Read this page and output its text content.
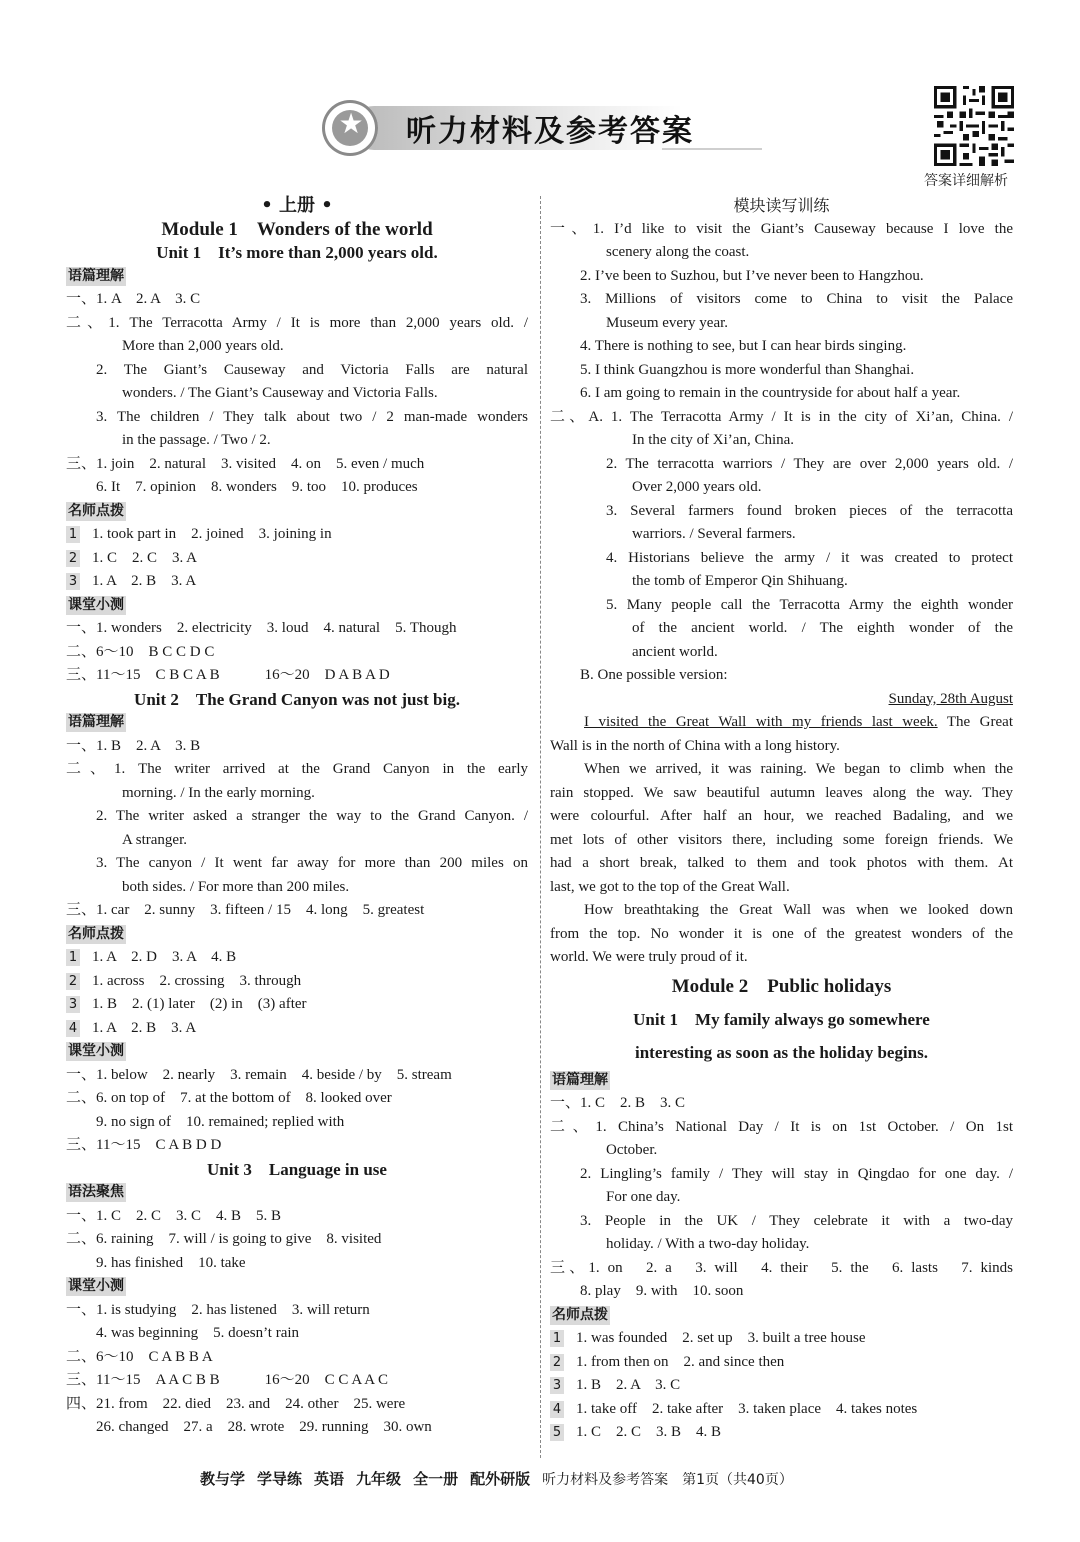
★ 听力材料及参考答案
答案详细解析
• 上册 •
Module 1　Wonders of the world
Unit 1　It’s more than 2,000 years old.
语篇理解
一、1. A　2. A　3. C
二、1. The Terracotta Army / It is more than 2,000 years old. /
More than 2,000 years old.
2. The Giant’s Causeway and Victoria Falls are natural
wonders. / The Giant’s Causeway and Victoria Falls.
3. The children / They talk about two / 2 man-made wonders
in the passage. / Two / 2.
三、1. join　2. natural　3. visited　4. on　5. even / much
6. It　7. opinion　8. wonders　9. too　10. produces
名师点拨
1 1. took part in　2. joined　3. joining in
2 1. C　2. C　3. A
3 1. A　2. B　3. A
课堂小测
一、1. wonders　2. electricity　3. loud　4. natural　5. Though
二、6～10　B C C D C
三、11～15　C B C A B　　　16～20　D A B A D
Unit 2　The Grand Canyon was not just big.
语篇理解
一、1. B　2. A　3. B
二、1. The writer arrived at the Grand Canyon in the early
morning. / In the early morning.
2. The writer asked a stranger the way to the Grand Canyon. /
A stranger.
3. The canyon / It went far away for more than 200 miles on
both sides. / For more than 200 miles.
三、1. car　2. sunny　3. fifteen / 15　4. long　5. greatest
名师点拨
1 1. A　2. D　3. A　4. B
2 1. across　2. crossing　3. through
3 1. B　2. (1) later　(2) in　(3) after
4 1. A　2. B　3. A
课堂小测
一、1. below　2. nearly　3. remain　4. beside / by　5. stream
二、6. on top of　7. at the bottom of　8. looked over
9. no sign of　10. remained; replied with
三、11～15　C A B D D
Unit 3　Language in use
语法聚焦
一、1. C　2. C　3. C　4. B　5. B
二、6. raining　7. will / is going to give　8. visited
9. has finished　10. take
课堂小测
一、1. is studying　2. has listened　3. will return
4. was beginning　5. doesn’t rain
二、6～10　C A B B A
三、11～15　A A C B B　　　16～20　C C A A C
四、21. from　22. died　23. and　24. other　25. were
26. changed　27. a　28. wrote　29. running　30. own
模块读写训练
一、1. I’d like to visit the Giant’s Causeway because I love the
scenery along the coast.
2. I’ve been to Suzhou, but I’ve never been to Hangzhou.
3. Millions of visitors come to China to visit the Palace
Museum every year.
4. There is nothing to see, but I can hear birds singing.
5. I think Guangzhou is more wonderful than Shanghai.
6. I am going to remain in the countryside for about half a year.
二、A. 1. The Terracotta Army / It is in the city of Xi’an, China. /
In the city of Xi’an, China.
2. The terracotta warriors / They are over 2,000 years old. /
Over 2,000 years old.
3. Several farmers found broken pieces of the terracotta
warriors. / Several farmers.
4. Historians believe the army / it was created to protect
the tomb of Emperor Qin Shihuang.
5. Many people call the Terracotta Army the eighth wonder
of the ancient world. / The eighth wonder of the
ancient world.
B. One possible version:
Sunday, 28th August
I visited the Great Wall with my friends last week. The Great
Wall is in the north of China with a long history.
When we arrived, it was raining. We began to climb when the
rain stopped. We saw beautiful autumn leaves along the way. They
were colourful. After half an hour, we reached Badaling, and we
met lots of other visitors there, including some foreign friends. We
had a short break, talked to them and took photos with them. At
last, we got to the top of the Great Wall.
How breathtaking the Great Wall was when we looked down
from the top. No wonder it is one of the greatest wonders of the
world. We were truly proud of it.
Module 2　Public holidays
Unit 1　My family always go somewhere
interesting as soon as the holiday begins.
语篇理解
一、1. C　2. B　3. C
二、1. China’s National Day / It is on 1st October. / On 1st
October.
2. Lingling’s family / They will stay in Qingdao for one day. /
For one day.
3. People in the UK / They celebrate it with a two-day
holiday. / With a two-day holiday.
三、1. on　2. a　3. will　4. their　5. the　6. lasts　7. kinds
8. play　9. with　10. soon
名师点拨
1 1. was founded　2. set up　3. built a tree house
2 1. from then on　2. and since then
3 1. B　2. A　3. C
4 1. take off　2. take after　3. taken place　4. takes notes
5 1. C　2. C　3. B　4. B
教与学 学导练 英语 九年级 全一册 配外研版 听力材料及参考答案　第1页（共40页）
